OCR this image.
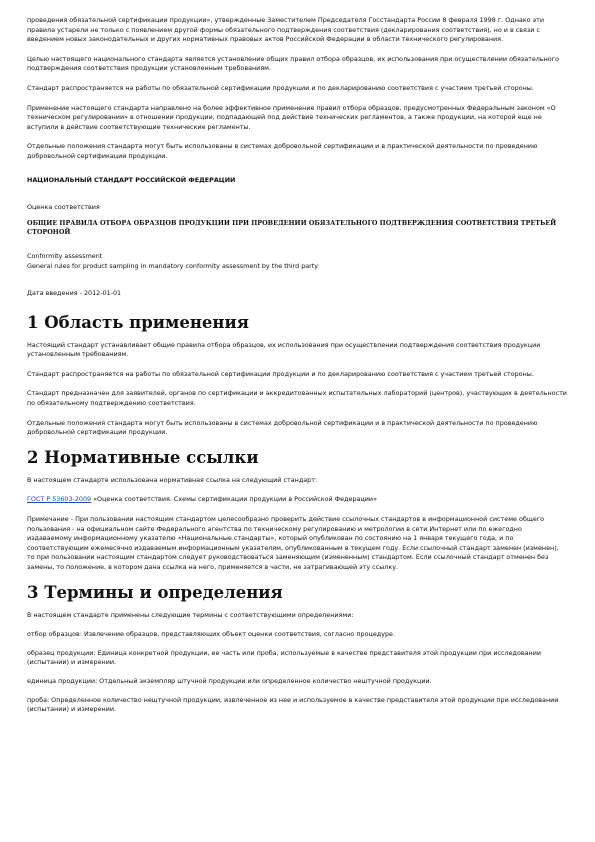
проведения обязательной сертификации продукции», утвержденные Заместителем Председателя Госстандарта России 8 февраля 1998 г. Однако эти правила устарели не только с появлением другой формы обязательного подтверждения соответствия (декларирования соответствия), но и в связи с введением новых законодательных и других нормативных правовых актов Российской Федерации в области технического регулирования.

Целью настоящего национального стандарта является установление общих правил отбора образцов, их использования при осуществлении обязательного подтверждения соответствия продукции установленным требованиям.

Стандарт распространяется на работы по обязательной сертификации продукции и по декларированию соответствия с участием третьей стороны.

Применение настоящего стандарта направлено на более эффективное применение правил отбора образцов, предусмотренных Федеральным законом «О техническом регулировании» в отношении продукции, подпадающей под действие технических регламентов, а также продукции, на которой еще не вступили в действие соответствующие технические регламенты.

Отдельные положения стандарта могут быть использованы в системах добровольной сертификации и в практической деятельности по проведению добровольной сертификации продукции.

НАЦИОНАЛЬНЫЙ СТАНДАРТ РОССИЙСКОЙ ФЕДЕРАЦИИ

Оценка соответствия

ОБЩИЕ ПРАВИЛА ОТБОРА ОБРАЗЦОВ ПРОДУКЦИИ ПРИ ПРОВЕДЕНИИ ОБЯЗАТЕЛЬНОГО ПОДТВЕРЖДЕНИЯ СООТВЕТСТВИЯ ТРЕТЬЕЙ СТОРОНОЙ

Conformity assessment
General rules for product sampling in mandatory conformity assessment by the third party

Дата введения - 2012-01-01

1 Область применения

Настоящий стандарт устанавливает общие правила отбора образцов, их использования при осуществлении подтверждения соответствия продукции установленным требованиям.

Стандарт распространяется на работы по обязательной сертификации продукции и по декларированию соответствия с участием третьей стороны.

Стандарт предназначен для заявителей, органов по сертификации и аккредитованных испытательных лабораторий (центров), участвующих в деятельности по обязательному подтверждению соответствия.

Отдельные положения стандарта могут быть использованы в системах добровольной сертификации и в практической деятельности по проведению добровольной сертификации продукции.

2 Нормативные ссылки

В настоящем стандарте использована нормативная ссылка на следующий стандарт:

ГОСТ Р 53603-2009 «Оценка соответствия. Схемы сертификации продукции в Российской Федерации»

Примечание - При пользовании настоящим стандартом целесообразно проверить действие ссылочных стандартов в информационной системе общего пользования - на официальном сайте Федерального агентства по техническому регулированию и метрологии в сети Интернет или по ежегодно издаваемому информационному указателю «Национальные стандарты», который опубликован по состоянию на 1 января текущего года, и по соответствующим ежемесячно издаваемым информационным указателям, опубликованным в текущем году. Если ссылочный стандарт заменен (изменен), то при пользовании настоящим стандартом следует руководствоваться заменяющим (измененным) стандартом. Если ссылочный стандарт отменен без замены, то положение, в котором дана ссылка на него, применяется в части, не затрагивающей эту ссылку.

3 Термины и определения

В настоящем стандарте применены следующие термины с соответствующими определениями:

отбор образцов: Извлечение образцов, представляющих объект оценки соответствия, согласно процедуре.

образец продукции: Единица конкретной продукции, ее часть или проба, используемые в качестве представителя этой продукции при исследовании (испытании) и измерении.

единица продукции: Отдельный экземпляр штучной продукции или определенное количество нештучной продукции.

проба: Определенное количество нештучной продукции, извлеченное из нее и используемое в качестве представителя этой продукции при исследовании (испытании) и измерении.
